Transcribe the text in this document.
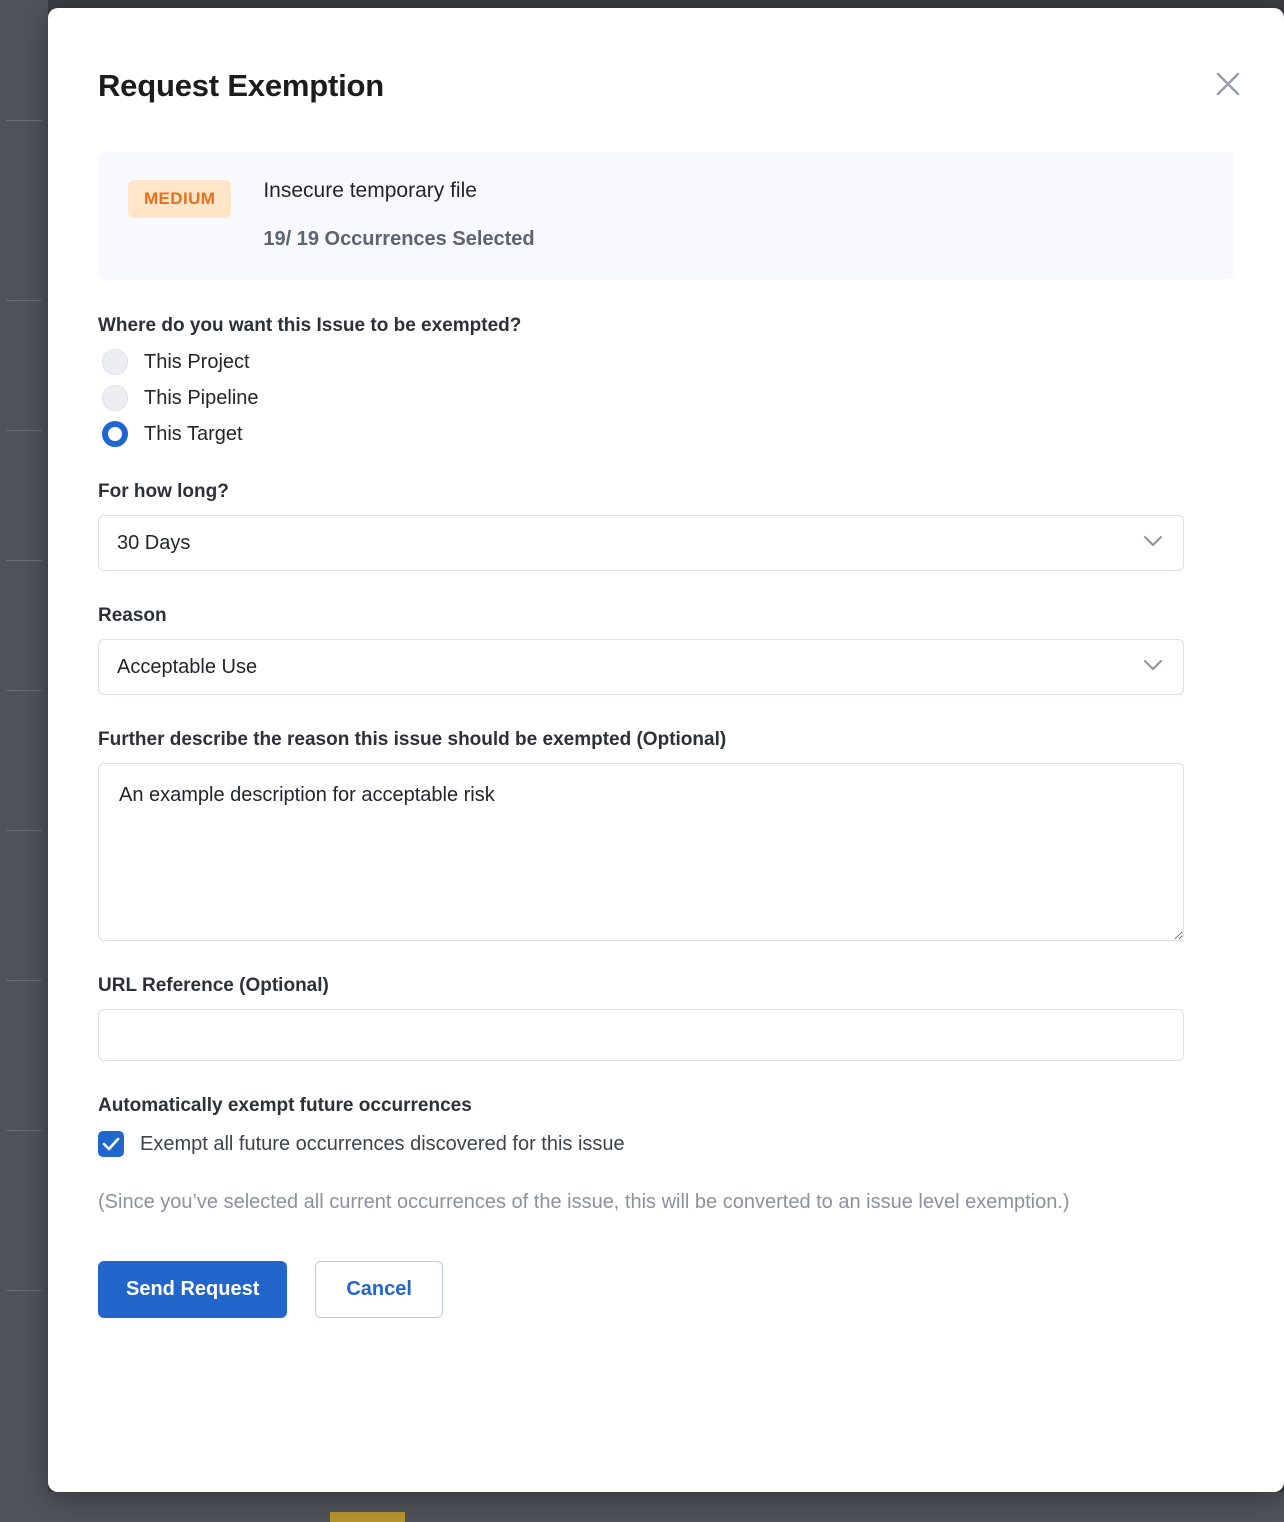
Request Exemption
MEDIUM	Insecure temporary file
19/ 19 Occurrences Selected
Where do you want this Issue to be exempted?
This Project
This Pipeline
This Target
For how long?
30 Days
Reason
Acceptable Use
Further describe the reason this issue should be exempted (Optional)
An example description for acceptable risk
URL Reference (Optional)
Automatically exempt future occurrences
Exempt all future occurrences discovered for this issue
(Since you’ve selected all current occurrences of the issue, this will be converted to an issue level exemption.)
Send Request	Cancel
